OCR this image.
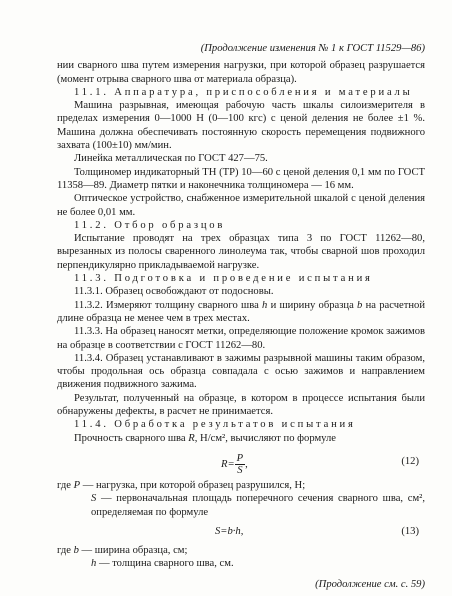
(Продолжение изменения № 1 к ГОСТ 11529—86)

нии сварного шва путем измерения нагрузки, при которой образец разрушается (момент отрыва сварного шва от материала образца).

11.1. Аппаратура, приспособления и материалы

Машина разрывная, имеющая рабочую часть шкалы силоизмерителя в пределах измерения 0—1000 Н (0—100 кгс) с ценой деления не более ±1 %. Машина должна обеспечивать постоянную скорость перемещения подвижного захвата (100±10) мм/мин.

Линейка металлическая по ГОСТ 427—75.

Толщиномер индикаторный ТН (ТР) 10—60 с ценой деления 0,1 мм по ГОСТ 11358—89. Диаметр пятки и наконечника толщиномера — 16 мм.

Оптическое устройство, снабженное измерительной шкалой с ценой деления не более 0,01 мм.

11.2. Отбор образцов

Испытание проводят на трех образцах типа 3 по ГОСТ 11262—80, вырезанных из полосы сваренного линолеума так, чтобы сварной шов проходил перпендикулярно прикладываемой нагрузке.

11.3. Подготовка и проведение испытания

11.3.1. Образец освобождают от подосновы.

11.3.2. Измеряют толщину сварного шва h и ширину образца b на расчетной длине образца не менее чем в трех местах.

11.3.3. На образец наносят метки, определяющие положение кромок зажимов на образце в соответствии с ГОСТ 11262—80.

11.3.4. Образец устанавливают в зажимы разрывной машины таким образом, чтобы продольная ось образца совпадала с осью зажимов и направлением движения подвижного зажима.

Результат, полученный на образце, в котором в процессе испытания были обнаружены дефекты, в расчет не принимается.

11.4. Обработка результатов испытания

Прочность сварного шва R, Н/см², вычисляют по формуле

$R= \frac{P}{S}$ ,	(12)

где P — нагрузка, при которой образец разрушился, Н;

S — первоначальная площадь поперечного сечения сварного шва, см², определяемая по формуле

S=b·h,	(13)

где b — ширина образца, см;

h — толщина сварного шва, см.

(Продолжение см. с. 59)
